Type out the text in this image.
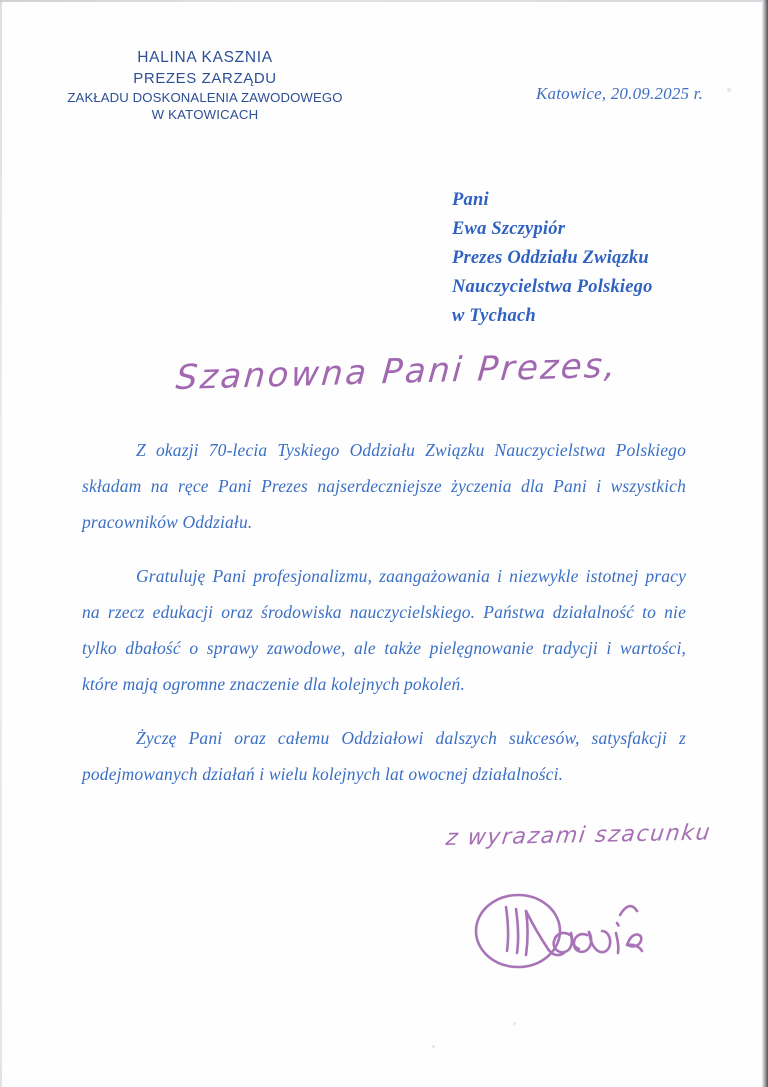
HALINA KASZNIA
PREZES ZARZĄDU
ZAKŁADU DOSKONALENIA ZAWODOWEGO
W KATOWICACH
Katowice, 20.09.2025 r.
Pani
Ewa Szczypiór
Prezes Oddziału Związku
Nauczycielstwa Polskiego
w Tychach
Szanowna Pani Prezes,

Z okazji 70-lecia Tyskiego Oddziału Związku Nauczycielstwa Polskiego składam na ręce Pani Prezes najserdeczniejsze życzenia dla Pani i wszystkich pracowników Oddziału.

Gratuluję Pani profesjonalizmu, zaangażowania i niezwykle istotnej pracy na rzecz edukacji oraz środowiska nauczycielskiego. Państwa działalność to nie tylko dbałość o sprawy zawodowe, ale także pielęgnowanie tradycji i wartości, które mają ogromne znaczenie dla kolejnych pokoleń.

Życzę Pani oraz całemu Oddziałowi dalszych sukcesów, satysfakcji z podejmowanych działań i wielu kolejnych lat owocnej działalności.

z wyrazami szacunku
